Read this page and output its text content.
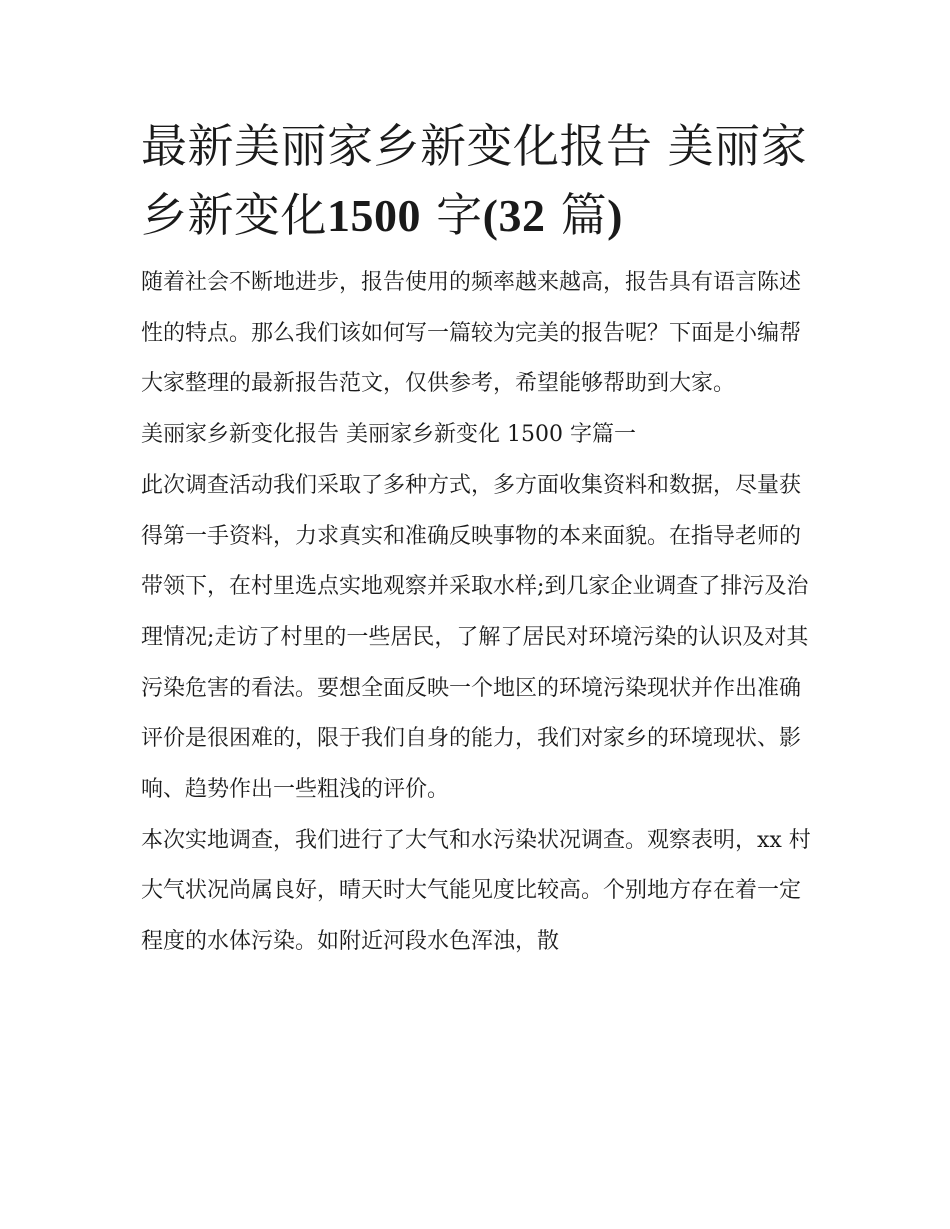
最新美丽家乡新变化报告 美丽家乡新变化1500 字(32 篇)

随着社会不断地进步，报告使用的频率越来越高，报告具有语言陈述性的特点。那么我们该如何写一篇较为完美的报告呢？下面是小编帮大家整理的最新报告范文，仅供参考，希望能够帮助到大家。

美丽家乡新变化报告 美丽家乡新变化 1500 字篇一

此次调查活动我们采取了多种方式，多方面收集资料和数据，尽量获得第一手资料，力求真实和准确反映事物的本来面貌。在指导老师的带领下，在村里选点实地观察并采取水样;到几家企业调查了排污及治理情况;走访了村里的一些居民，了解了居民对环境污染的认识及对其污染危害的看法。要想全面反映一个地区的环境污染现状并作出准确评价是很困难的，限于我们自身的能力，我们对家乡的环境现状、影响、趋势作出一些粗浅的评价。

本次实地调查，我们进行了大气和水污染状况调查。观察表明，xx 村大气状况尚属良好，晴天时大气能见度比较高。个别地方存在着一定程度的水体污染。如附近河段水色浑浊，散
